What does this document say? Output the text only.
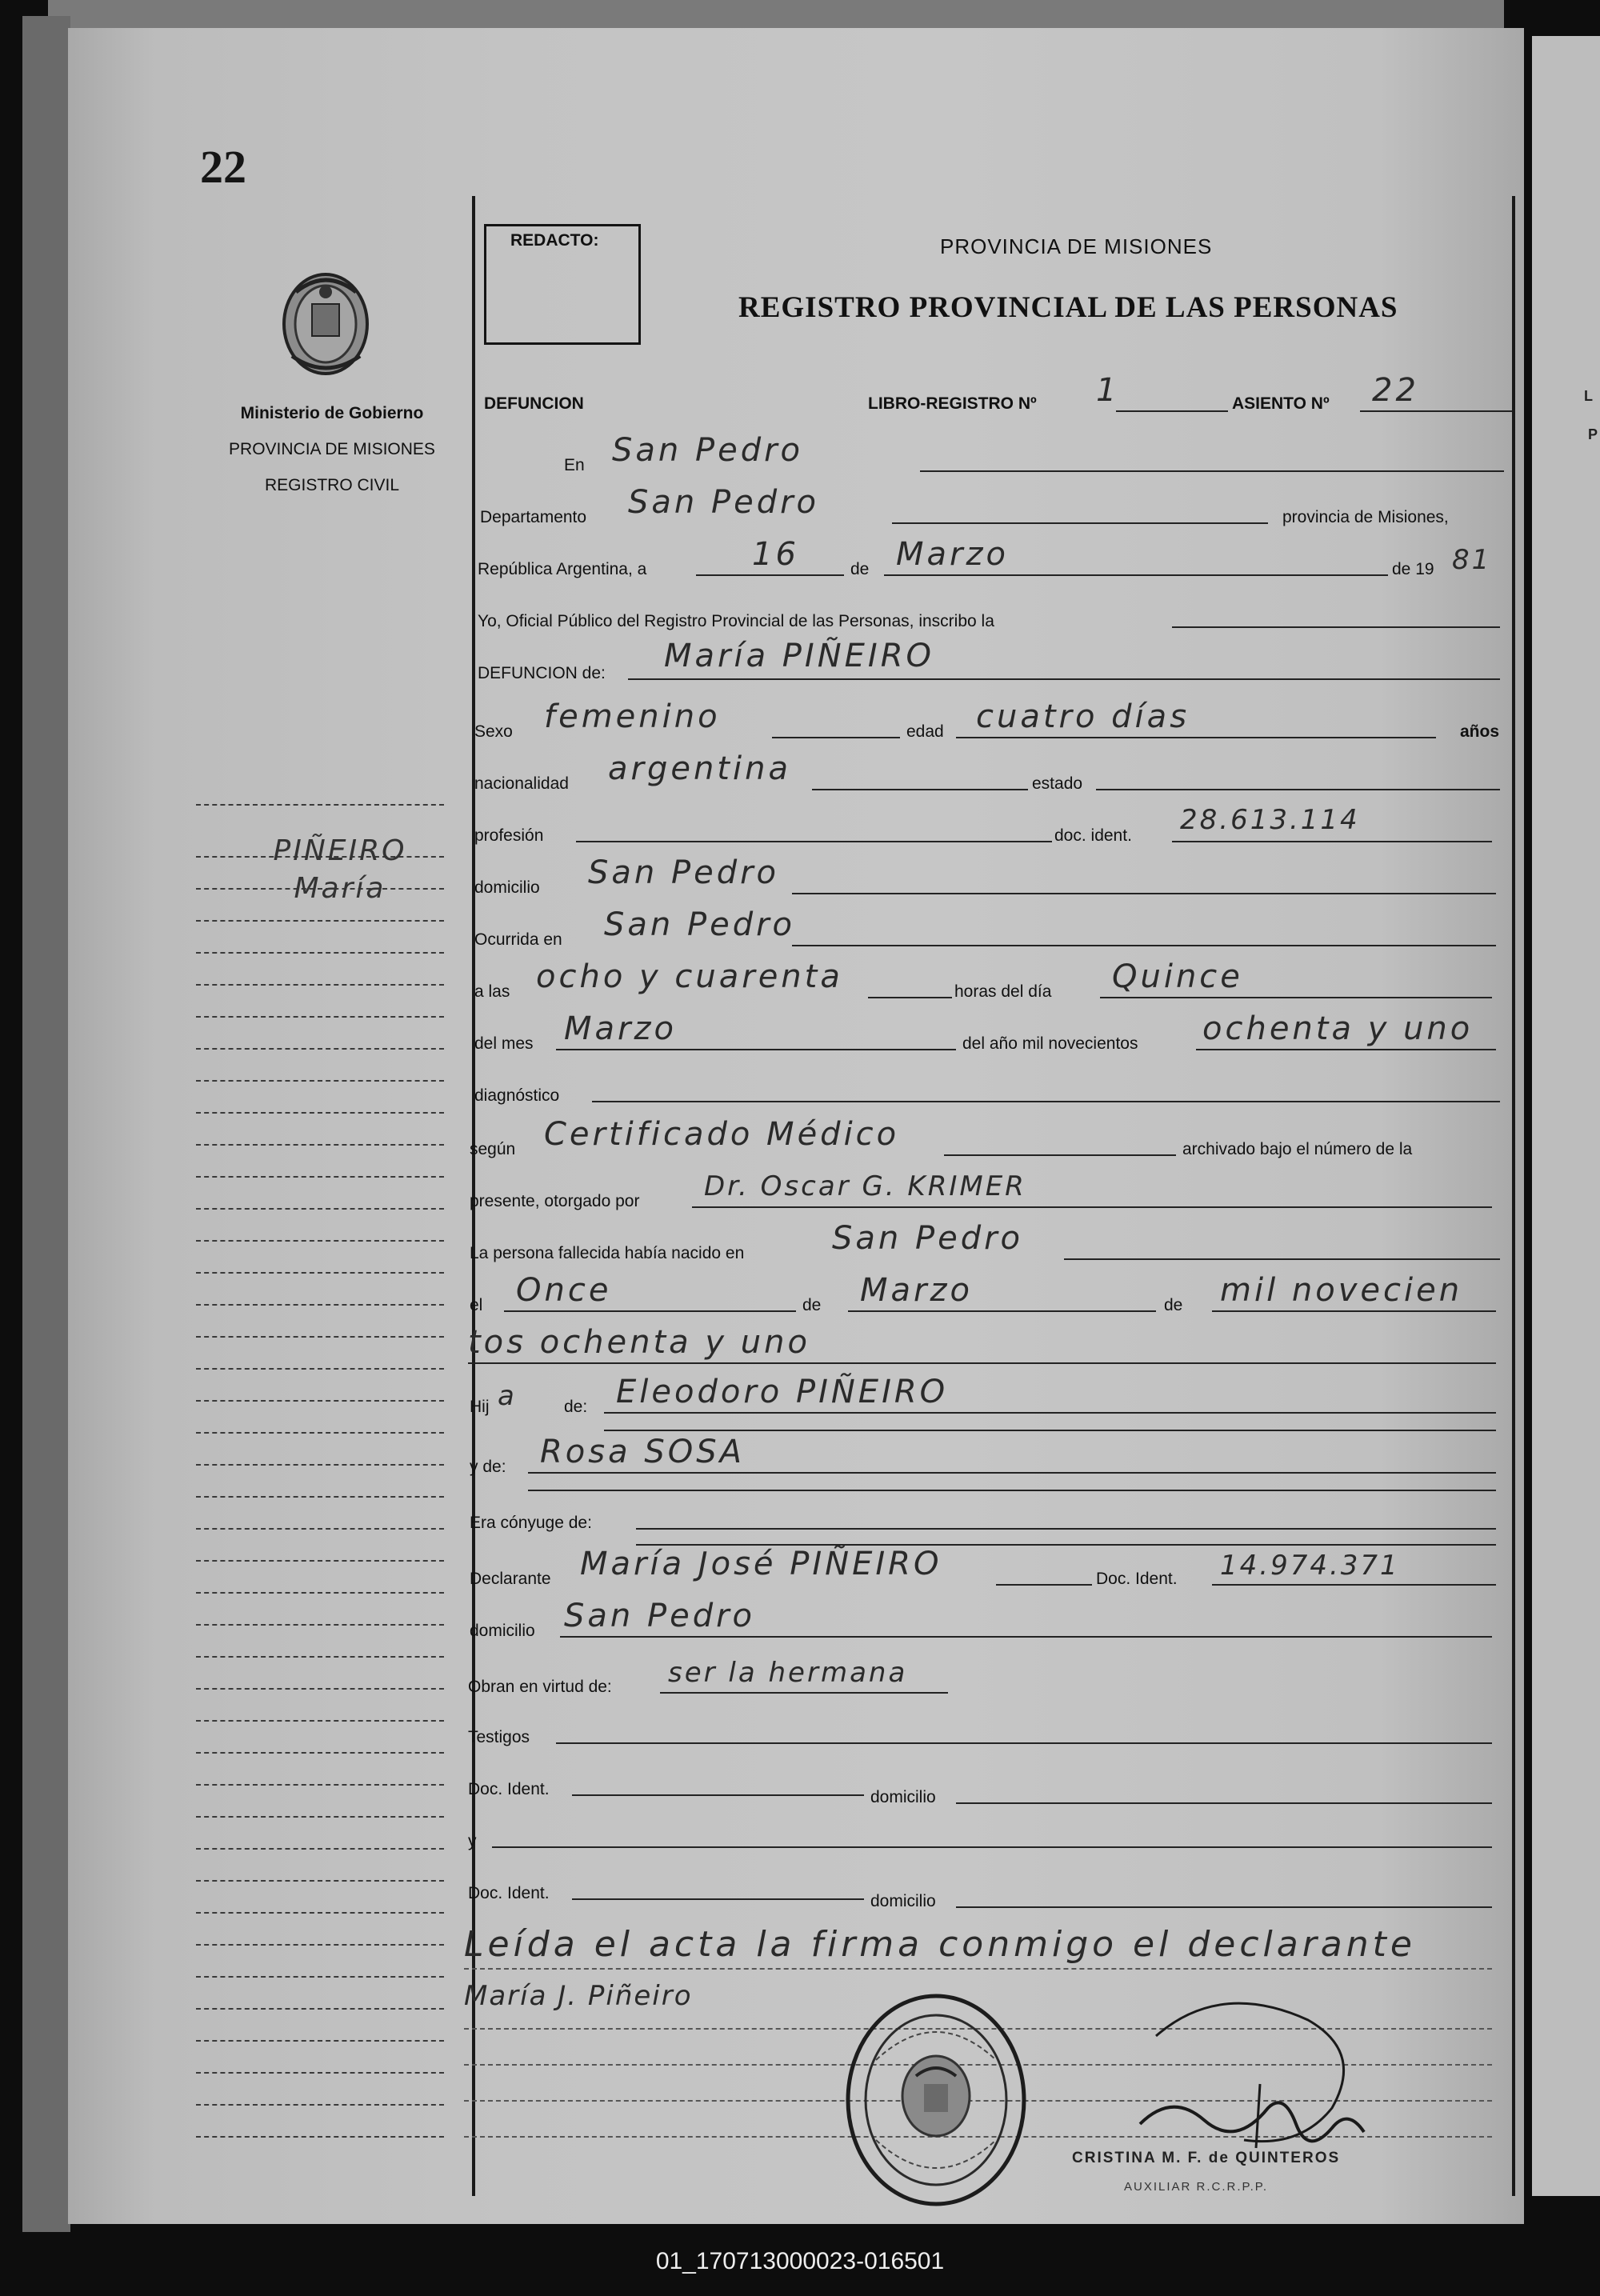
L
P
22
Ministerio de Gobierno
PROVINCIA DE MISIONES
REGISTRO CIVIL
PIÑEIRO
María
REDACTO:	PROVINCIA DE MISIONES
REGISTRO PROVINCIAL DE LAS PERSONAS
DEFUNCION	LIBRO-REGISTRO Nº 1	ASIENTO Nº 22
En San Pedro
Departamento San Pedro	provincia de Misiones,
República Argentina, a	16	de Marzo	de 19 81
Yo, Oficial Público del Registro Provincial de las Personas, inscribo la
DEFUNCION de: María PIÑEIRO
Sexo femenino	edad cuatro días	años
nacionalidad argentina	estado
profesión	doc. ident. 28.613.114
domicilio San Pedro
Ocurrida en San Pedro
a las ocho y cuarenta	horas del día Quince
del mes Marzo	del año mil novecientos ochenta y uno
diagnóstico
según Certificado Médico	archivado bajo el número de la
presente, otorgado por Dr. Oscar G. KRIMER
La persona fallecida había nacido en	San Pedro
el Once	de Marzo	de mil novecien
tos ochenta y uno
Hij a	de: Eleodoro PIÑEIRO
y de: Rosa SOSA
Era cónyuge de:
Declarante María José PIÑEIRO	Doc. Ident. 14.974.371
domicilio San Pedro
Obran en virtud de: ser la hermana
Testigos
Doc. Ident.	domicilio
y
Doc. Ident.	domicilio
Leída el acta la firma conmigo el declarante
María J. Piñeiro
CRISTINA M. F. de QUINTEROS
AUXILIAR R.C.R.P.P.
01_170713000023-016501
